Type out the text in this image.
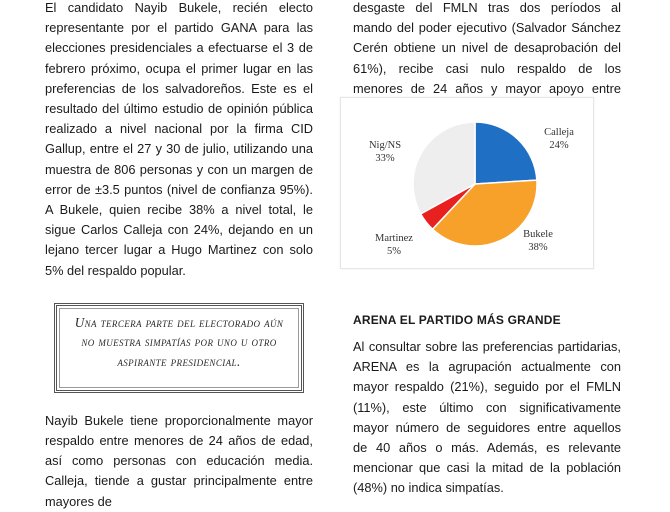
El candidato Nayib Bukele, recién electo representante por el partido GANA para las elecciones presidenciales a efectuarse el 3 de febrero próximo, ocupa el primer lugar en las preferencias de los salvadoreños. Este es el resultado del último estudio de opinión pública realizado a nivel nacional por la firma CID Gallup, entre el 27 y 30 de julio, utilizando una muestra de 806 personas y con un margen de error de ±3.5 puntos (nivel de confianza 95%). A Bukele, quien recibe 38% a nivel total, le sigue Carlos Calleja con 24%, dejando en un lejano tercer lugar a Hugo Martinez con solo 5% del respaldo popular.

Una tercera parte del electorado aún no muestra simpatías por uno u otro aspirante presidencial.

Nayib Bukele tiene proporcionalmente mayor respaldo entre menores de 24 años de edad, así como personas con educación media. Calleja, tiende a gustar principalmente entre mayores de

desgaste del FMLN tras dos períodos al mando del poder ejecutivo (Salvador Sánchez Cerén obtiene un nivel de desaprobación del 61%), recibe casi nulo respaldo de los menores de 24 años y mayor apoyo entre

Calleja
24%
Bukele
38%
Martinez
5%
Nig/NS
33%
ARENA EL PARTIDO MÁS GRANDE

Al consultar sobre las preferencias partidarias, ARENA es la agrupación actualmente con mayor respaldo (21%), seguido por el FMLN (11%), este último con significativamente mayor número de seguidores entre aquellos de 40 años o más. Además, es relevante mencionar que casi la mitad de la población (48%) no indica simpatías.
